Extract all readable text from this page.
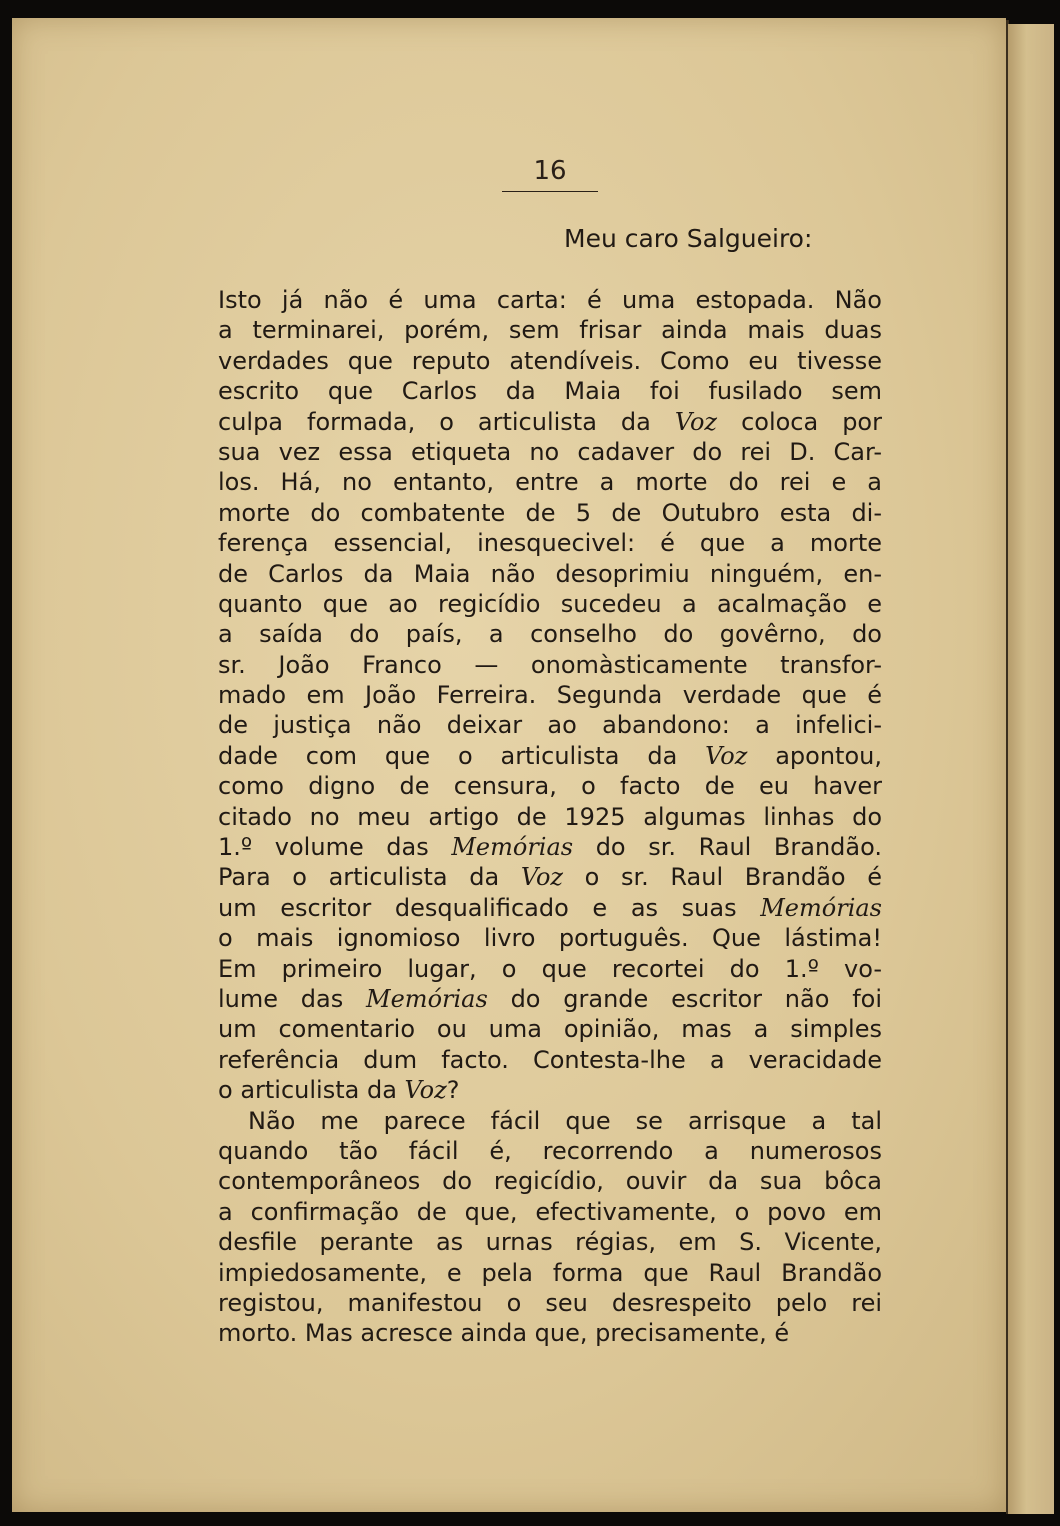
16
Meu caro Salgueiro:
Isto já não é uma carta: é uma estopada. Não
a terminarei, porém, sem frisar ainda mais duas
verdades que reputo atendíveis. Como eu tivesse
escrito que Carlos da Maia foi fusilado sem
culpa formada, o articulista da Voz coloca por
sua vez essa etiqueta no cadaver do rei D. Car-
los. Há, no entanto, entre a morte do rei e a
morte do combatente de 5 de Outubro esta di-
ferença essencial, inesquecivel: é que a morte
de Carlos da Maia não desoprimiu ninguém, en-
quanto que ao regicídio sucedeu a acalmação e
a saída do país, a conselho do govêrno, do
sr. João Franco — onomàsticamente transfor-
mado em João Ferreira. Segunda verdade que é
de justiça não deixar ao abandono: a infelici-
dade com que o articulista da Voz apontou,
como digno de censura, o facto de eu haver
citado no meu artigo de 1925 algumas linhas do
1.º volume das Memórias do sr. Raul Brandão.
Para o articulista da Voz o sr. Raul Brandão é
um escritor desqualificado e as suas Memórias
o mais ignomioso livro português. Que lástima!
Em primeiro lugar, o que recortei do 1.º vo-
lume das Memórias do grande escritor não foi
um comentario ou uma opinião, mas a simples
referência dum facto. Contesta-lhe a veracidade
o articulista da Voz?
Não me parece fácil que se arrisque a tal
quando tão fácil é, recorrendo a numerosos
contemporâneos do regicídio, ouvir da sua bôca
a confirmação de que, efectivamente, o povo em
desfile perante as urnas régias, em S. Vicente,
impiedosamente, e pela forma que Raul Brandão
registou, manifestou o seu desrespeito pelo rei
morto. Mas acresce ainda que, precisamente, é
